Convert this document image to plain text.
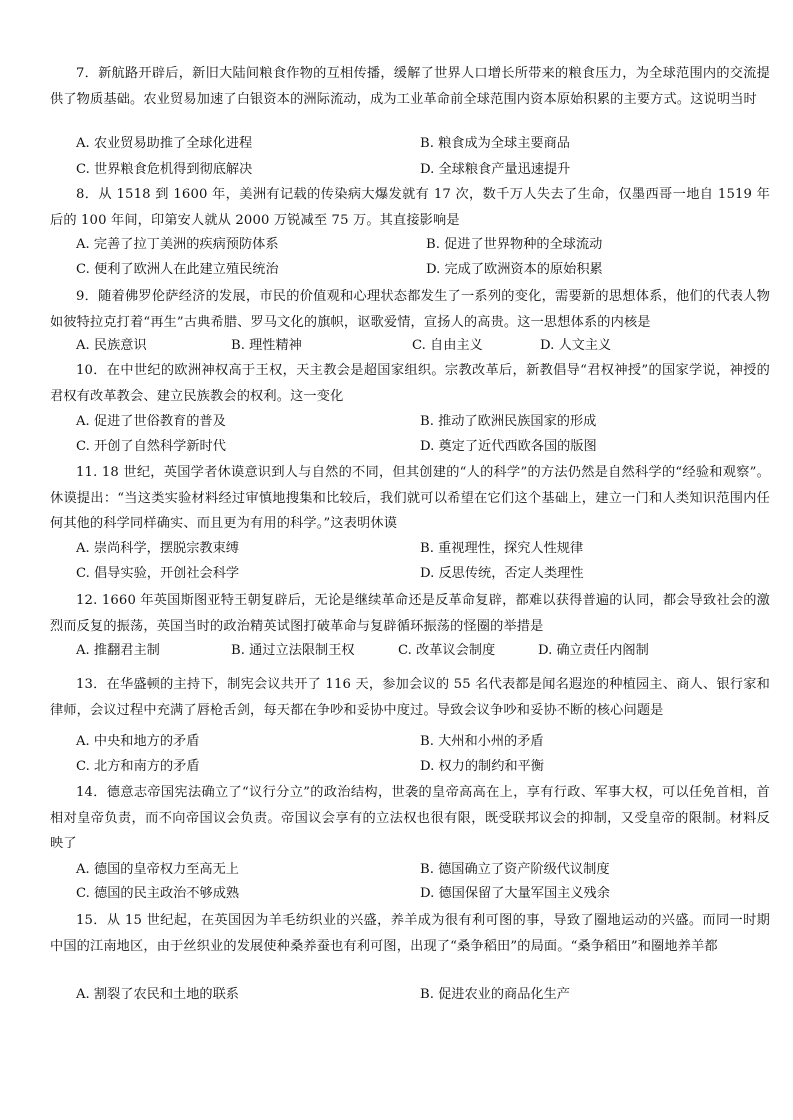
7．新航路开辟后，新旧大陆间粮食作物的互相传播，缓解了世界人口增长所带来的粮食压力，为全球范围内的交流提供了物质基础。农业贸易加速了白银资本的洲际流动，成为工业革命前全球范围内资本原始积累的主要方式。这说明当时
A. 农业贸易助推了全球化进程	B. 粮食成为全球主要商品
C. 世界粮食危机得到彻底解决	D. 全球粮食产量迅速提升
8．从 1518 到 1600 年，美洲有记载的传染病大爆发就有 17 次，数千万人失去了生命，仅墨西哥一地自 1519 年后的 100 年间，印第安人就从 2000 万锐减至 75 万。其直接影响是
A. 完善了拉丁美洲的疾病预防体系	B. 促进了世界物种的全球流动
C. 便利了欧洲人在此建立殖民统治	D. 完成了欧洲资本的原始积累
9．随着佛罗伦萨经济的发展，市民的价值观和心理状态都发生了一系列的变化，需要新的思想体系，他们的代表人物如彼特拉克打着“再生”古典希腊、罗马文化的旗帜，讴歌爱情，宣扬人的高贵。这一思想体系的内核是
A. 民族意识	B. 理性精神	C. 自由主义	D. 人文主义
10．在中世纪的欧洲神权高于王权，天主教会是超国家组织。宗教改革后，新教倡导“君权神授”的国家学说，神授的君权有改革教会、建立民族教会的权利。这一变化
A. 促进了世俗教育的普及	B. 推动了欧洲民族国家的形成
C. 开创了自然科学新时代	D. 奠定了近代西欧各国的版图
11. 18 世纪，英国学者休谟意识到人与自然的不同，但其创建的“人的科学”的方法仍然是自然科学的“经验和观察”。休谟提出：“当这类实验材料经过审慎地搜集和比较后，我们就可以希望在它们这个基础上，建立一门和人类知识范围内任何其他的科学同样确实、而且更为有用的科学。”这表明休谟
A. 崇尚科学，摆脱宗教束缚	B. 重视理性，探究人性规律
C. 倡导实验，开创社会科学	D. 反思传统，否定人类理性
12. 1660 年英国斯图亚特王朝复辟后，无论是继续革命还是反革命复辟，都难以获得普遍的认同，都会导致社会的激烈而反复的振荡，英国当时的政治精英试图打破革命与复辟循环振荡的怪圈的举措是
A. 推翻君主制	B. 通过立法限制王权	C. 改革议会制度	D. 确立责任内阁制
13．在华盛顿的主持下，制宪会议共开了 116 天，参加会议的 55 名代表都是闻名遐迩的种植园主、商人、银行家和律师，会议过程中充满了唇枪舌剑，每天都在争吵和妥协中度过。导致会议争吵和妥协不断的核心问题是
A. 中央和地方的矛盾	B. 大州和小州的矛盾
C. 北方和南方的矛盾	D. 权力的制约和平衡
14．德意志帝国宪法确立了“议行分立”的政治结构，世袭的皇帝高高在上，享有行政、军事大权，可以任免首相，首相对皇帝负责，而不向帝国议会负责。帝国议会享有的立法权也很有限，既受联邦议会的抑制，又受皇帝的限制。材料反映了
A. 德国的皇帝权力至高无上	B. 德国确立了资产阶级代议制度
C. 德国的民主政治不够成熟	D. 德国保留了大量军国主义残余
15．从 15 世纪起，在英国因为羊毛纺织业的兴盛，养羊成为很有利可图的事，导致了圈地运动的兴盛。而同一时期中国的江南地区，由于丝织业的发展使种桑养蚕也有利可图，出现了“桑争稻田”的局面。“桑争稻田”和圈地养羊都
A. 割裂了农民和土地的联系	B. 促进农业的商品化生产
